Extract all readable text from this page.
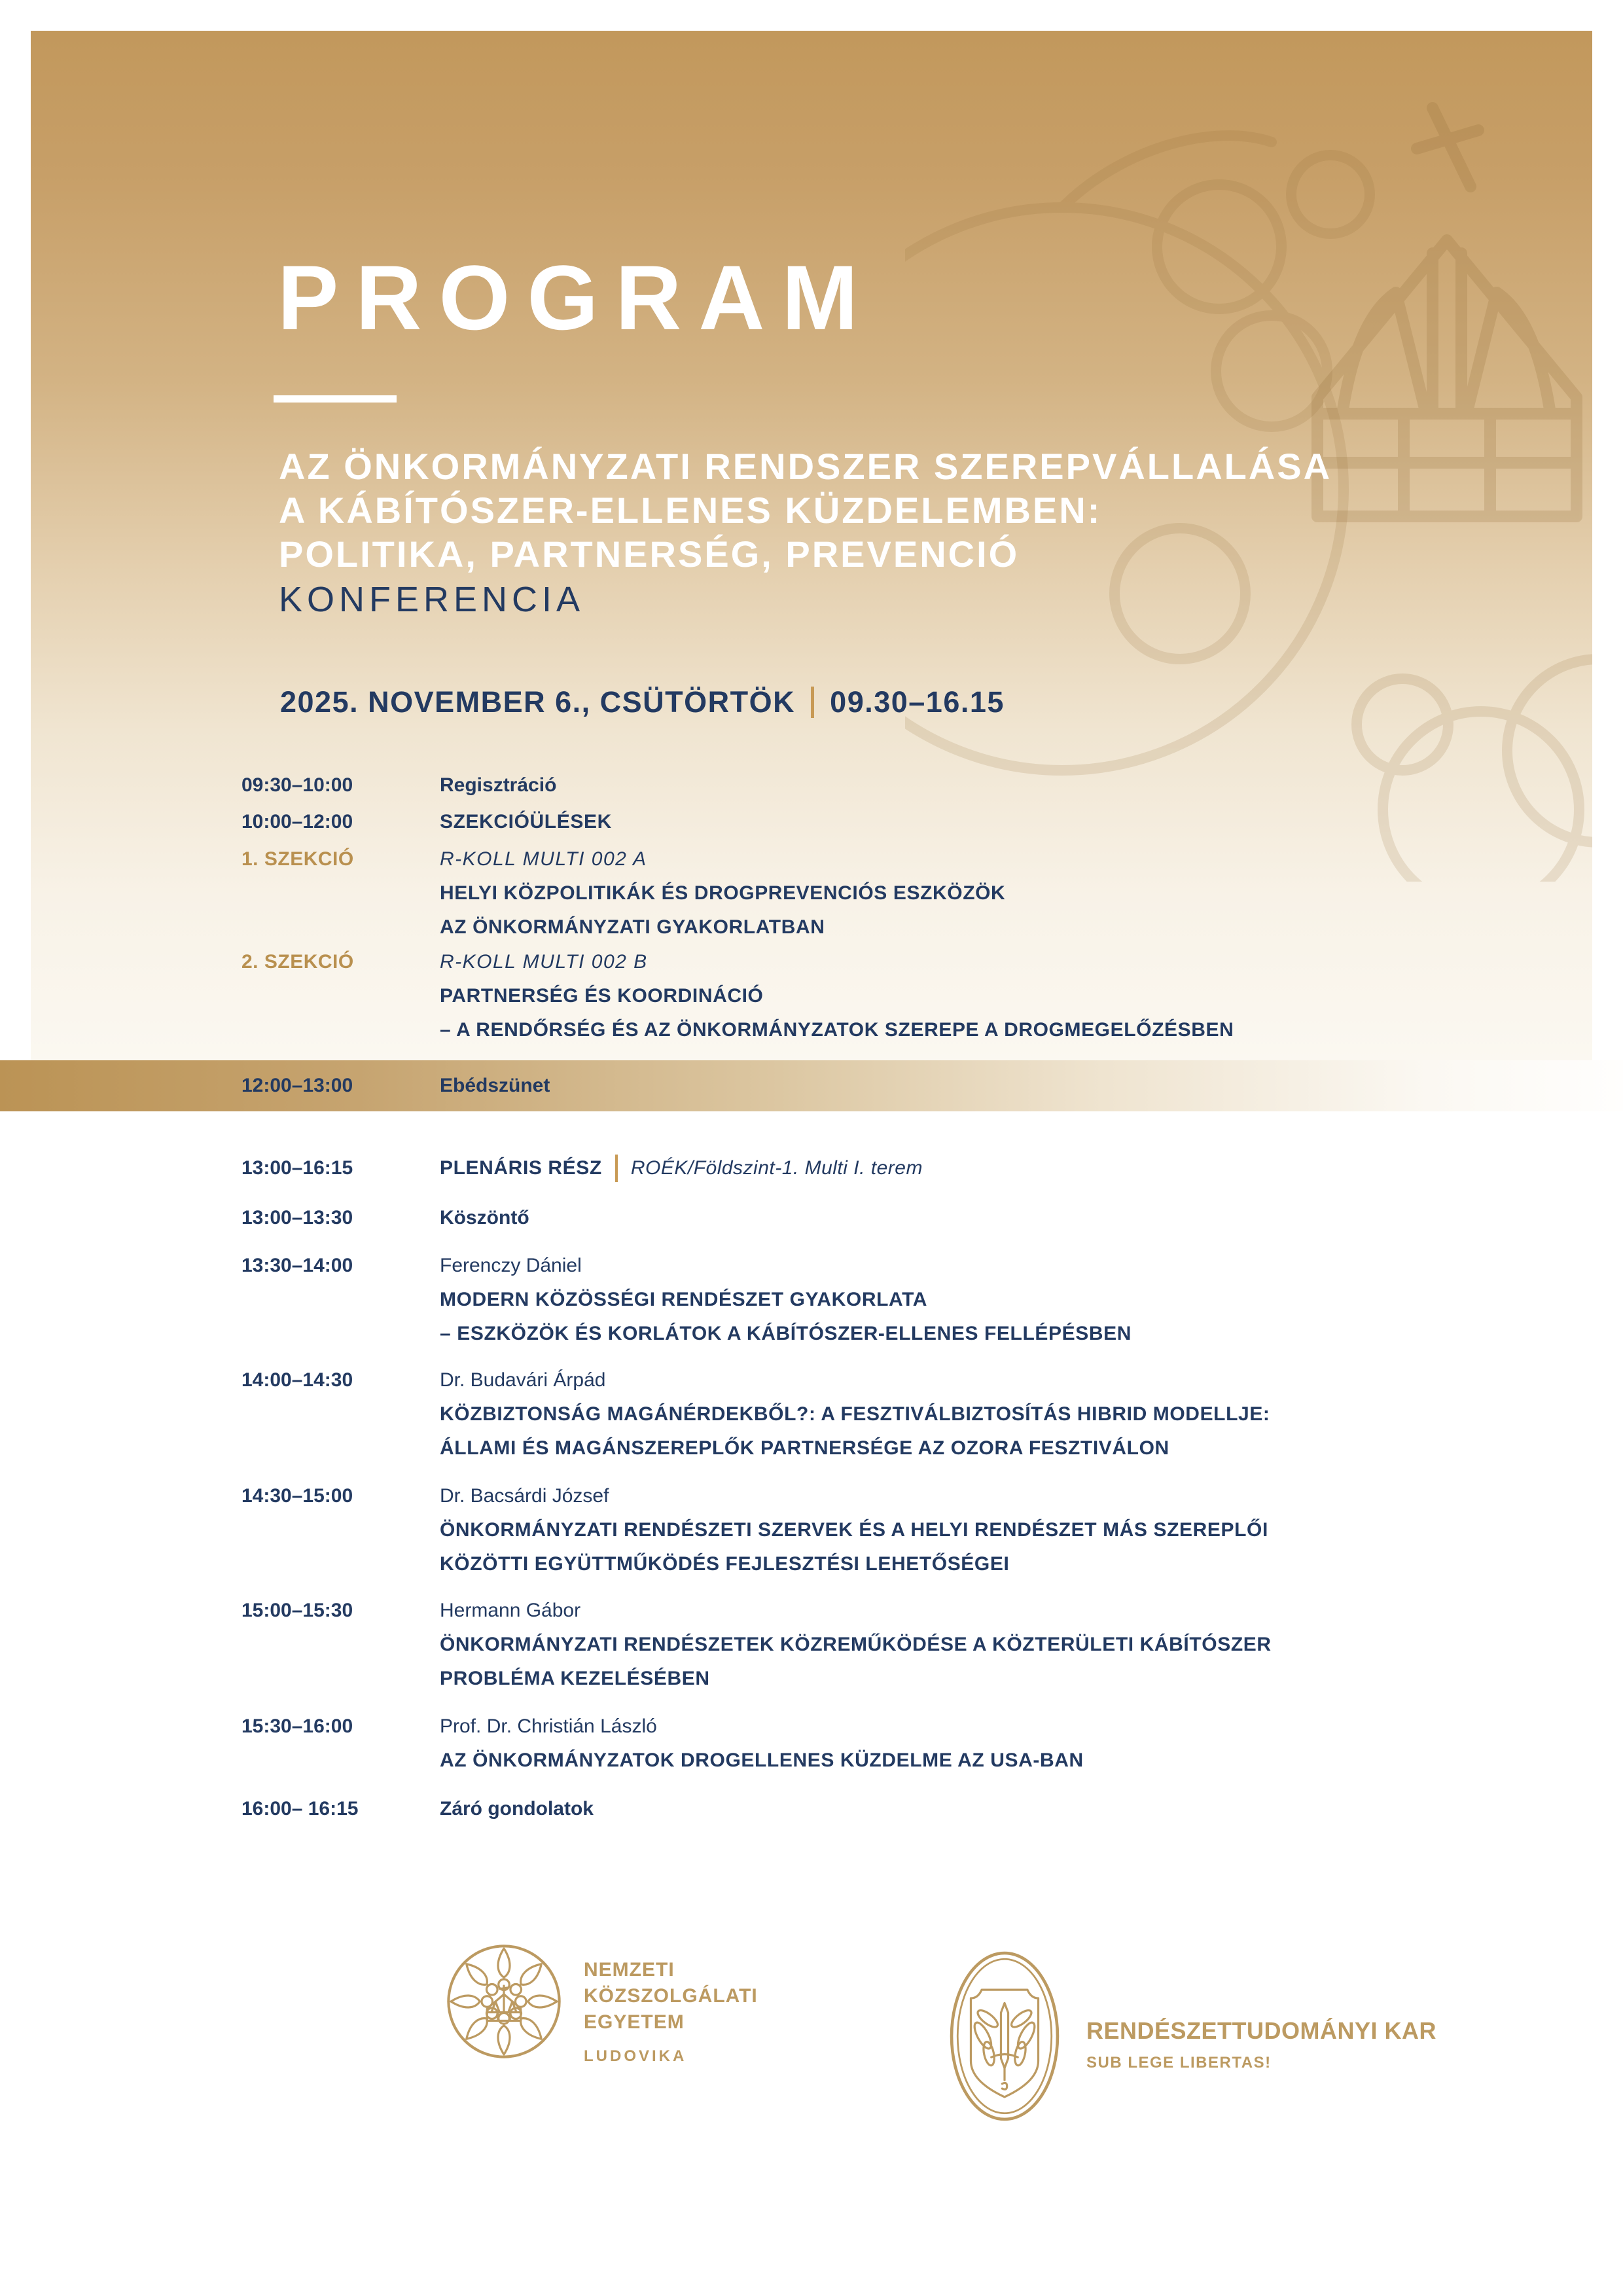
PROGRAM
AZ ÖNKORMÁNYZATI RENDSZER SZEREPVÁLLALÁSA
A KÁBÍTÓSZER-ELLENES KÜZDELEMBEN:
POLITIKA, PARTNERSÉG, PREVENCIÓ
KONFERENCIA
2025. NOVEMBER 6., CSÜTÖRTÖK 09.30–16.15
09:30–10:00	Regisztráció
10:00–12:00	SZEKCIÓÜLÉSEK
1. SZEKCIÓ	R-KOLL MULTI 002 A
HELYI KÖZPOLITIKÁK ÉS DROGPREVENCIÓS ESZKÖZÖK
AZ ÖNKORMÁNYZATI GYAKORLATBAN
2. SZEKCIÓ	R-KOLL MULTI 002 B
PARTNERSÉG ÉS KOORDINÁCIÓ
– A RENDŐRSÉG ÉS AZ ÖNKORMÁNYZATOK SZEREPE A DROGMEGELŐZÉSBEN
12:00–13:00	Ebédszünet
13:00–16:15	PLENÁRIS RÉSZ ROÉK/Földszint-1. Multi I. terem
13:00–13:30	Köszöntő
13:30–14:00	Ferenczy Dániel
MODERN KÖZÖSSÉGI RENDÉSZET GYAKORLATA
– ESZKÖZÖK ÉS KORLÁTOK A KÁBÍTÓSZER-ELLENES FELLÉPÉSBEN
14:00–14:30	Dr. Budavári Árpád
KÖZBIZTONSÁG MAGÁNÉRDEKBŐL?: A FESZTIVÁLBIZTOSÍTÁS HIBRID MODELLJE:
ÁLLAMI ÉS MAGÁNSZEREPLŐK PARTNERSÉGE AZ OZORA FESZTIVÁLON
14:30–15:00	Dr. Bacsárdi József
ÖNKORMÁNYZATI RENDÉSZETI SZERVEK ÉS A HELYI RENDÉSZET MÁS SZEREPLŐI
KÖZÖTTI EGYÜTTMŰKÖDÉS FEJLESZTÉSI LEHETŐSÉGEI
15:00–15:30	Hermann Gábor
ÖNKORMÁNYZATI RENDÉSZETEK KÖZREMŰKÖDÉSE A KÖZTERÜLETI KÁBÍTÓSZER
PROBLÉMA KEZELÉSÉBEN
15:30–16:00	Prof. Dr. Christián László
AZ ÖNKORMÁNYZATOK DROGELLENES KÜZDELME AZ USA-BAN
16:00– 16:15	Záró gondolatok
NEMZETI
KÖZSZOLGÁLATI
EGYETEM
LUDOVIKA
RENDÉSZETTUDOMÁNYI KAR
SUB LEGE LIBERTAS!
